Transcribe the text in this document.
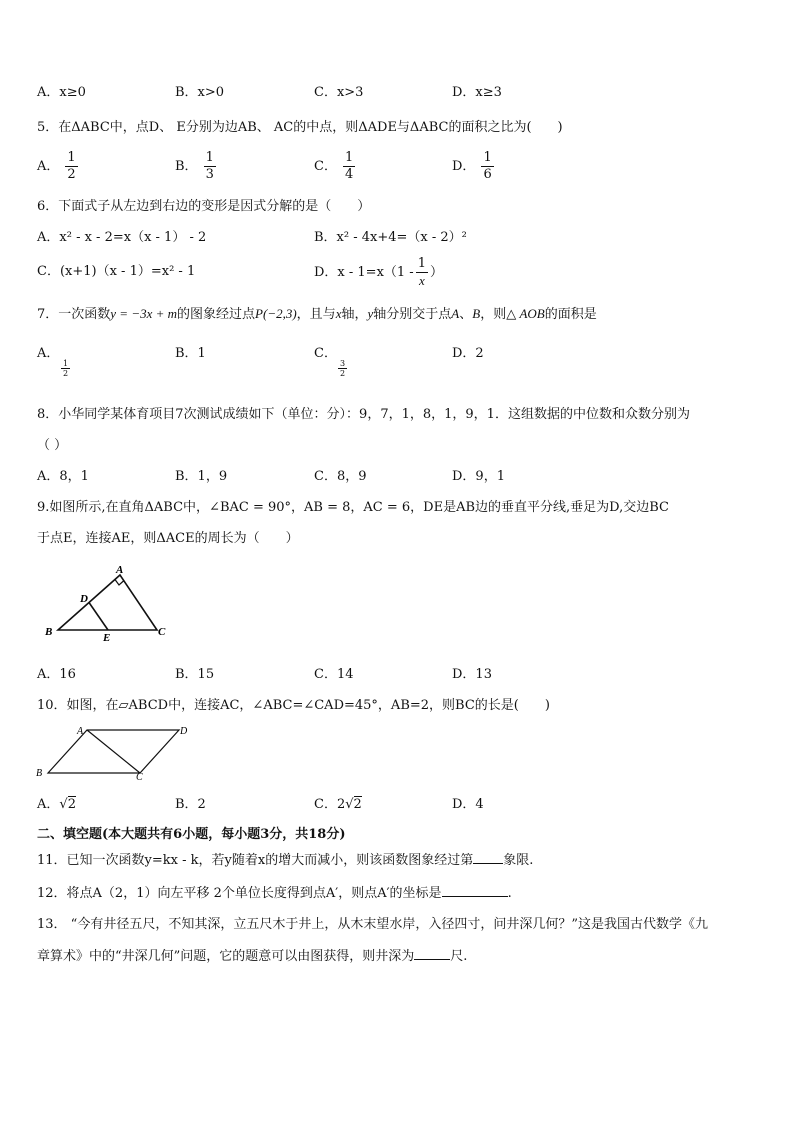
A．x≥0	B．x>0	C．x>3	D．x≥3
5．在ΔABC中，点D、 E分别为边AB、 AC的中点，则ΔADE与ΔABC的面积之比为(　　)
A． $\frac{1}{2}$	B． $\frac{1}{3}$	C． $\frac{1}{4}$	D． $\frac{1}{6}$
6．下面式子从左边到右边的变形是因式分解的是（　　）
A．x² - x - 2=x（x - 1） - 2	B．x² - 4x+4=（x - 2）²
C．(x+1)（x - 1）=x² - 1	D．$x - 1=x(1 - \frac{1}{x}$ ）
7．一次函数y = −3x + m的图象经过点P(−2,3)，且与x轴，y轴分别交于点A、B，则△ AOB的面积是
A．
$\frac{1}{2}$
B．1	C．
$\frac{3}{2}$
D．2
8．小华同学某体育项目7次测试成绩如下（单位：分）：9，7，1，8，1，9，1．这组数据的中位数和众数分别为
（ ）
A．8，1	B．1，9	C．8，9	D．9，1
9.如图所示,在直角ΔABC中，∠BAC = 90°，AB = 8，AC = 6，DE是AB边的垂直平分线,垂足为D,交边BC
于点E，连接AE，则ΔACE的周长为（　　）
A
B	C
D
E
A．16	B．15	C．14	D．13
10．如图，在▱ABCD中，连接AC，∠ABC=∠CAD=45°，AB=2，则BC的长是(　　)
A
B	C
D
A．√2	B．2	C．2√2	D．4
二、填空题(本大题共有6小题，每小题3分，共18分)
11．已知一次函数y=kx - k，若y随着x的增大而减小，则该函数图象经过第 象限.
12．将点A（2，1）向左平移 2个单位长度得到点A′，则点A′的坐标是	.
13． “今有井径五尺，不知其深，立五尺木于井上，从木末望水岸，入径四寸，问井深几何？”这是我国古代数学《九
章算术》中的“井深几何”问题，它的题意可以由图获得，则井深为	尺.
